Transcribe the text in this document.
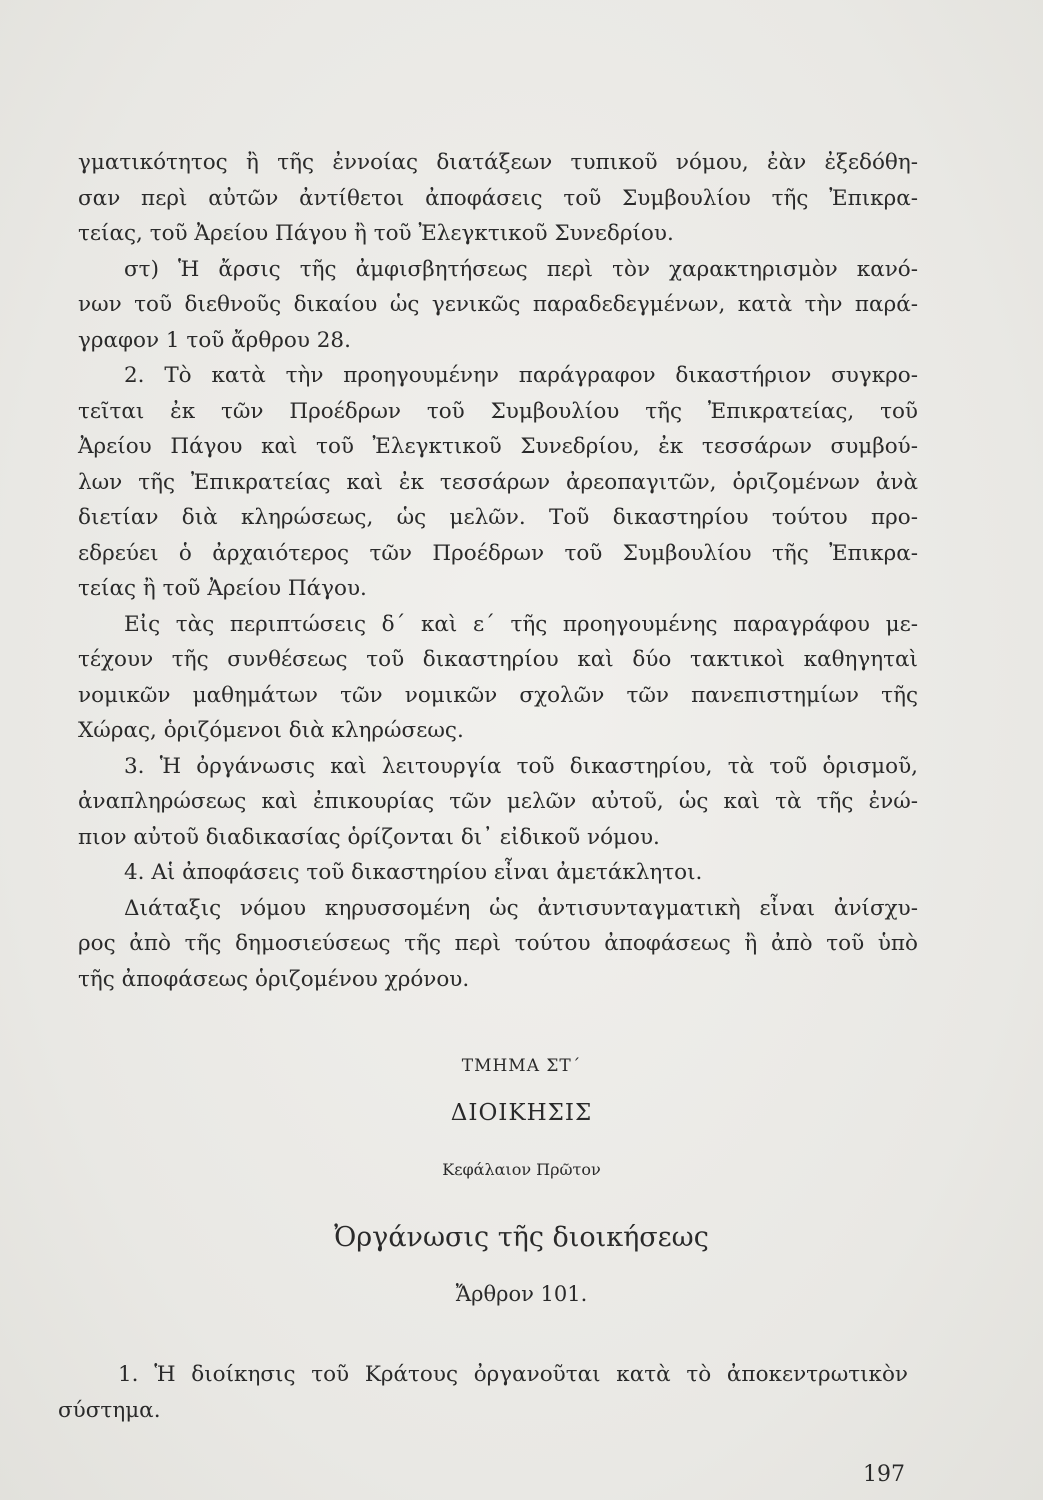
γματικότητος ἢ τῆς ἐννοίας διατάξεων τυπικοῦ νόμου, ἐὰν ἐξεδόθη-
σαν περὶ αὐτῶν ἀντίθετοι ἀποφάσεις τοῦ Συμβουλίου τῆς Ἐπικρα-
τείας, τοῦ Ἀρείου Πάγου ἢ τοῦ Ἐλεγκτικοῦ Συνεδρίου.
στ) Ἡ ἄρσις τῆς ἀμφισβητήσεως περὶ τὸν χαρακτηρισμὸν κανό-
νων τοῦ διεθνοῦς δικαίου ὡς γενικῶς παραδεδεγμένων, κατὰ τὴν παρά-
γραφον 1 τοῦ ἄρθρου 28.
2. Τὸ κατὰ τὴν προηγουμένην παράγραφον δικαστήριον συγκρο-
τεῖται ἐκ τῶν Προέδρων τοῦ Συμβουλίου τῆς Ἐπικρατείας, τοῦ
Ἀρείου Πάγου καὶ τοῦ Ἐλεγκτικοῦ Συνεδρίου, ἐκ τεσσάρων συμβού-
λων τῆς Ἐπικρατείας καὶ ἐκ τεσσάρων ἀρεοπαγιτῶν, ὁριζομένων ἀνὰ
διετίαν διὰ κληρώσεως, ὡς μελῶν. Τοῦ δικαστηρίου τούτου προ-
εδρεύει ὁ ἀρχαιότερος τῶν Προέδρων τοῦ Συμβουλίου τῆς Ἐπικρα-
τείας ἢ τοῦ Ἀρείου Πάγου.
Εἰς τὰς περιπτώσεις δ´ καὶ ε´ τῆς προηγουμένης παραγράφου με-
τέχουν τῆς συνθέσεως τοῦ δικαστηρίου καὶ δύο τακτικοὶ καθηγηταὶ
νομικῶν μαθημάτων τῶν νομικῶν σχολῶν τῶν πανεπιστημίων τῆς
Χώρας, ὁριζόμενοι διὰ κληρώσεως.
3. Ἡ ὀργάνωσις καὶ λειτουργία τοῦ δικαστηρίου, τὰ τοῦ ὁρισμοῦ,
ἀναπληρώσεως καὶ ἐπικουρίας τῶν μελῶν αὐτοῦ, ὡς καὶ τὰ τῆς ἐνώ-
πιον αὐτοῦ διαδικασίας ὁρίζονται δι᾽ εἰδικοῦ νόμου.
4. Αἱ ἀποφάσεις τοῦ δικαστηρίου εἶναι ἀμετάκλητοι.
Διάταξις νόμου κηρυσσομένη ὡς ἀντισυνταγματικὴ εἶναι ἀνίσχυ-
ρος ἀπὸ τῆς δημοσιεύσεως τῆς περὶ τούτου ἀποφάσεως ἢ ἀπὸ τοῦ ὑπὸ
τῆς ἀποφάσεως ὁριζομένου χρόνου.
ΤΜΗΜΑ ΣΤ´
ΔΙΟΙΚΗΣΙΣ
Κεφάλαιον Πρῶτον
Ὀργάνωσις τῆς διοικήσεως
Ἄρθρον 101.
1. Ἡ διοίκησις τοῦ Κράτους ὀργανοῦται κατὰ τὸ ἀποκεντρωτικὸν
σύστημα.
197
